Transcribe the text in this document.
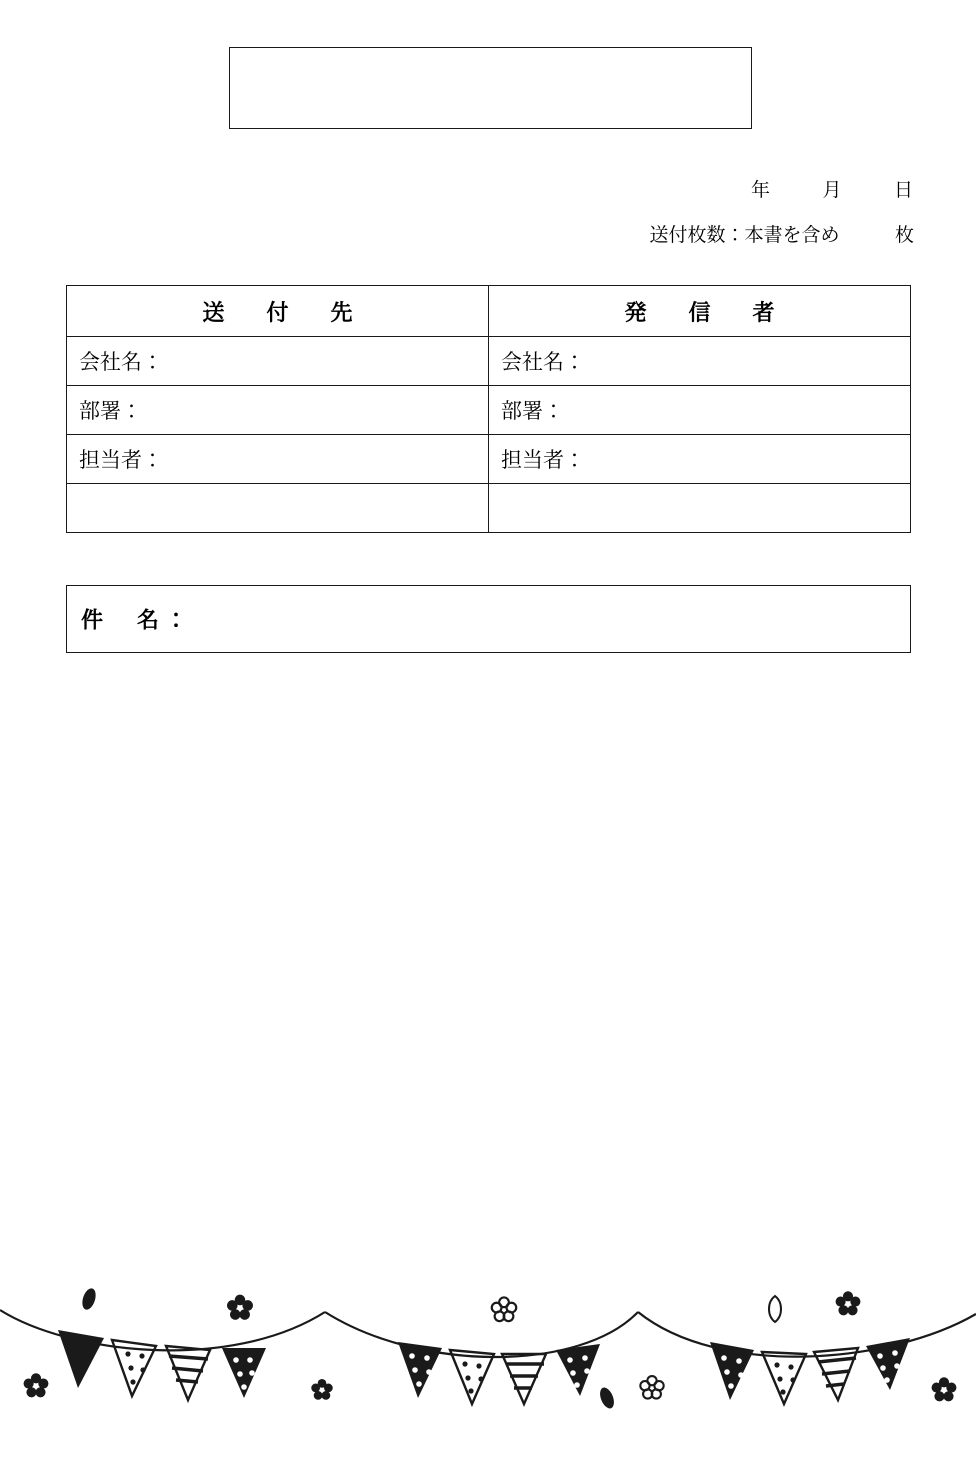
年	月	日
送付枚数：本書を含め	枚
送　付　先	発　信　者
会社名：	会社名：
部署：	部署：
担当者：	担当者：

件　名：
